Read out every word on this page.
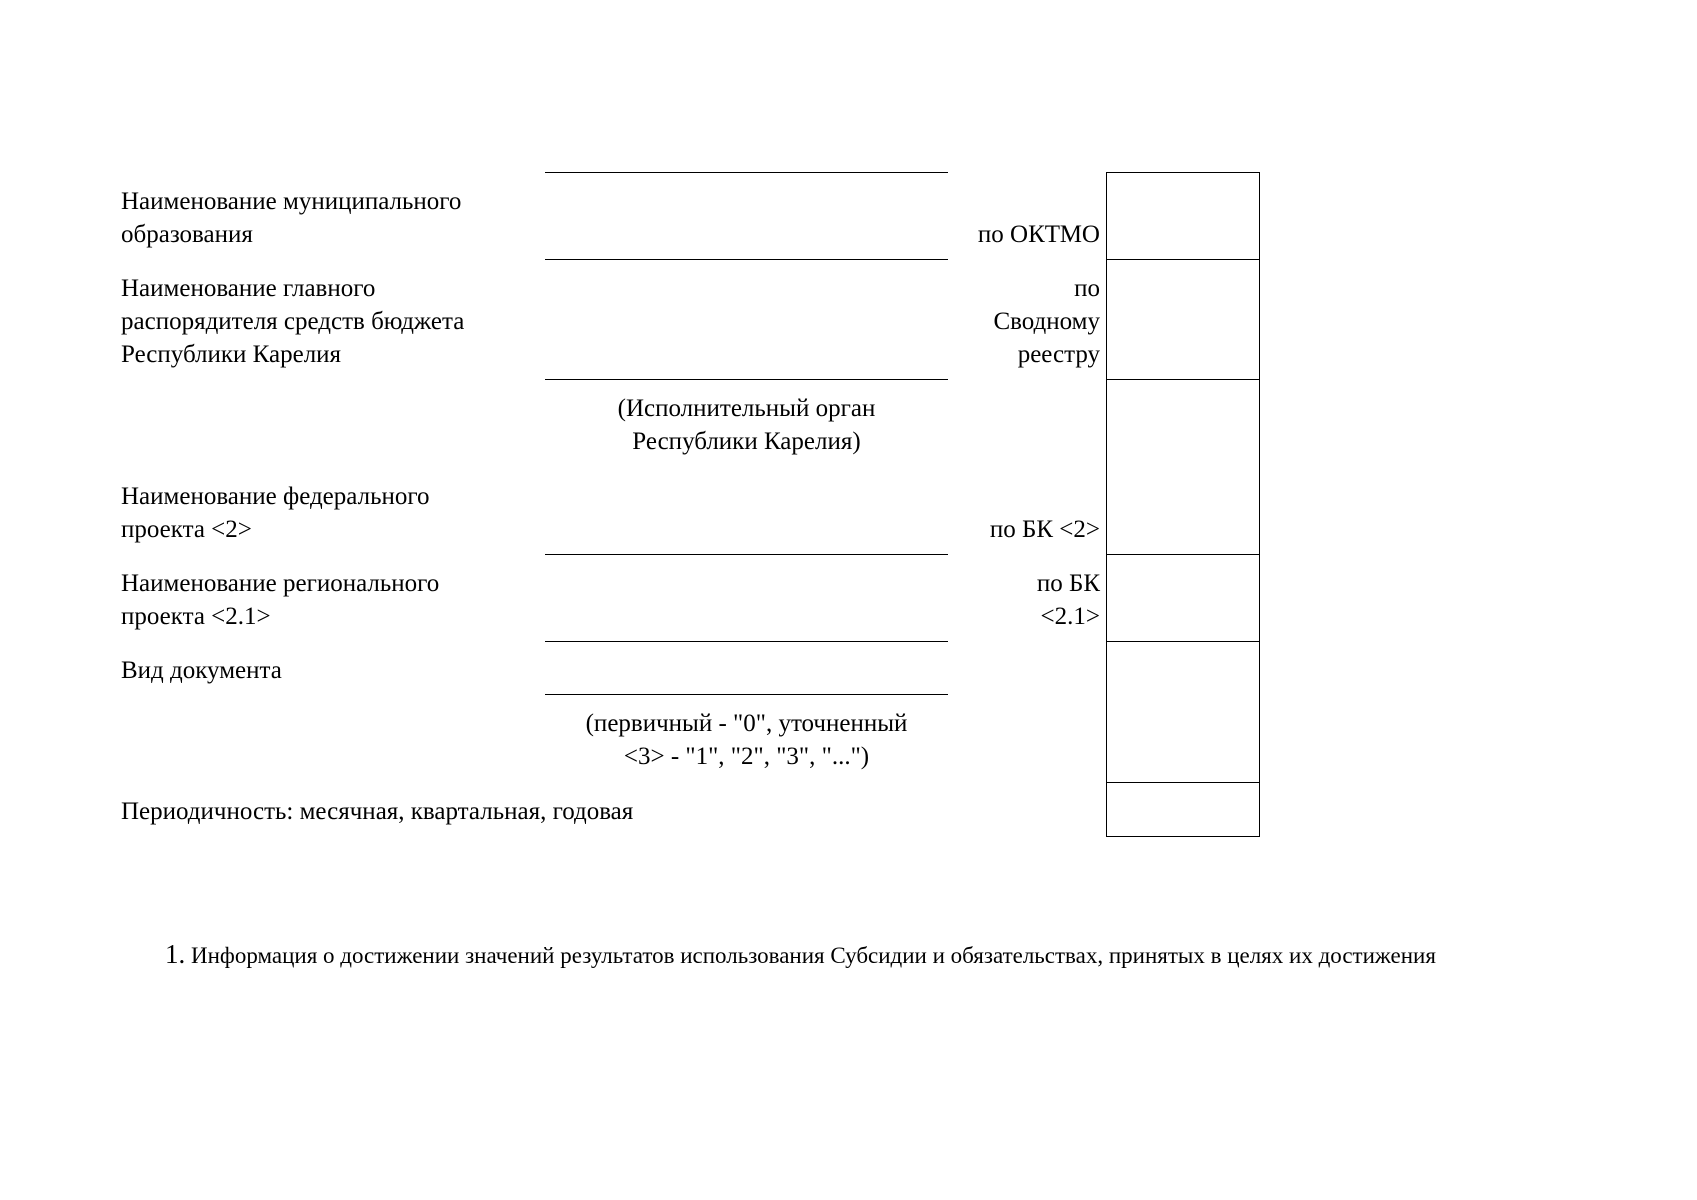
Наименование муниципального
образования	по ОКТМО
Наименование главного
распорядителя средств бюджета
Республики Карелия
по
Сводному
реестру
(Исполнительный орган
Республики Карелия)
Наименование федерального
проекта <2>	по БК <2>
Наименование регионального
проекта <2.1>
по БК
<2.1>
Вид документа
(первичный - "0", уточненный
<3> - "1", "2", "3", "...")
Периодичность: месячная, квартальная, годовая
1. Информация о достижении значений результатов использования Субсидии и обязательствах, принятых в целях их достижения
